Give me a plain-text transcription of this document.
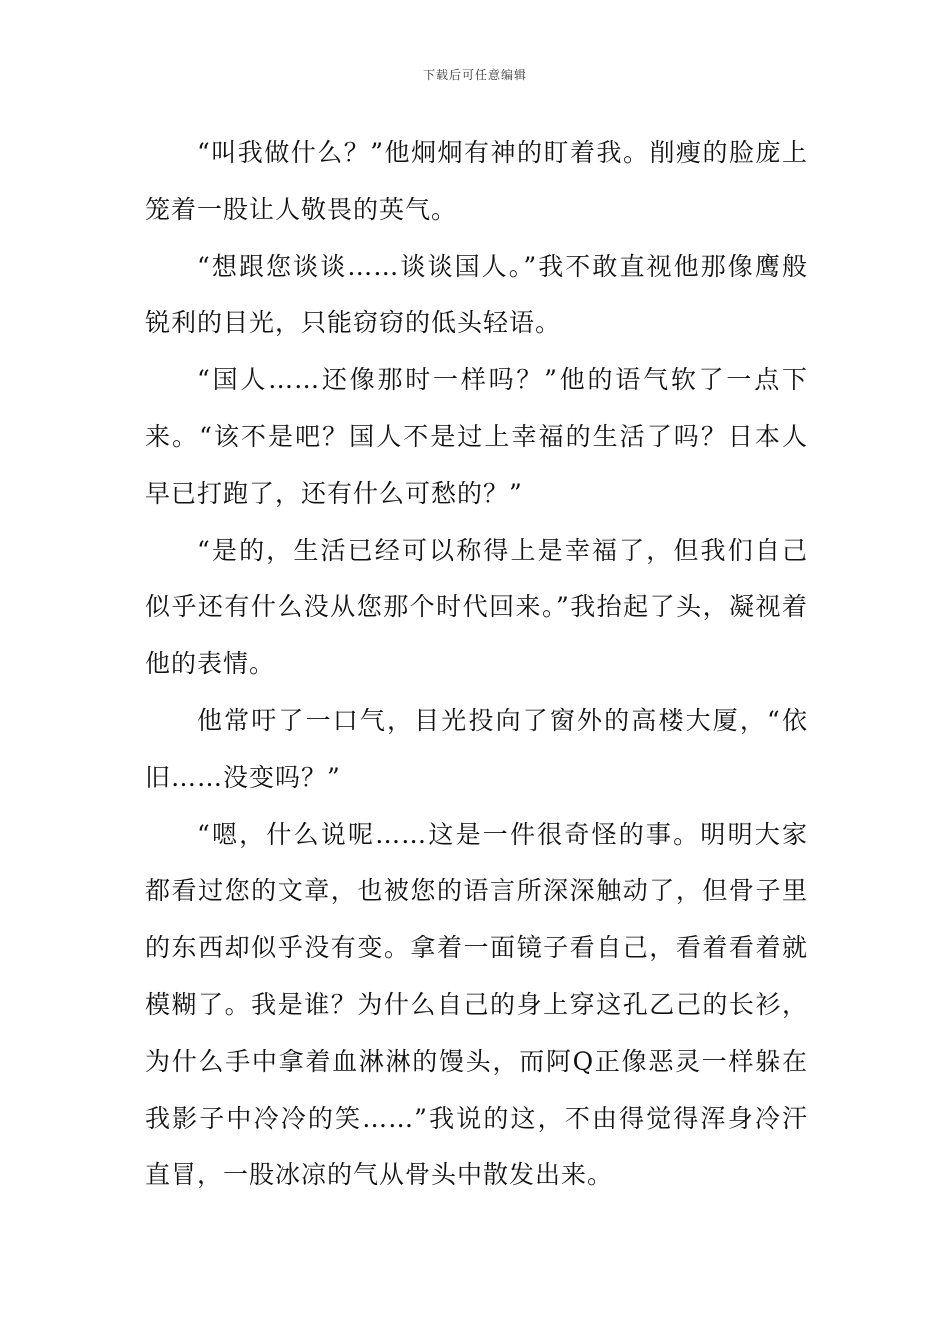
下载后可任意编辑

“叫我做什么？”他炯炯有神的盯着我。削瘦的脸庞上笼着一股让人敬畏的英气。

“想跟您谈谈……谈谈国人。”我不敢直视他那像鹰般锐利的目光，只能窃窃的低头轻语。

“国人……还像那时一样吗？”他的语气软了一点下来。“该不是吧？国人不是过上幸福的生活了吗？日本人早已打跑了，还有什么可愁的？”

“是的，生活已经可以称得上是幸福了，但我们自己似乎还有什么没从您那个时代回来。”我抬起了头，凝视着他的表情。

他常吁了一口气，目光投向了窗外的高楼大厦，“依旧……没变吗？”

“嗯，什么说呢……这是一件很奇怪的事。明明大家都看过您的文章，也被您的语言所深深触动了，但骨子里的东西却似乎没有变。拿着一面镜子看自己，看着看着就模糊了。我是谁？为什么自己的身上穿这孔乙己的长衫，为什么手中拿着血淋淋的馒头，而阿Q正像恶灵一样躲在我影子中冷冷的笑……”我说的这，不由得觉得浑身冷汗直冒，一股冰凉的气从骨头中散发出来。
